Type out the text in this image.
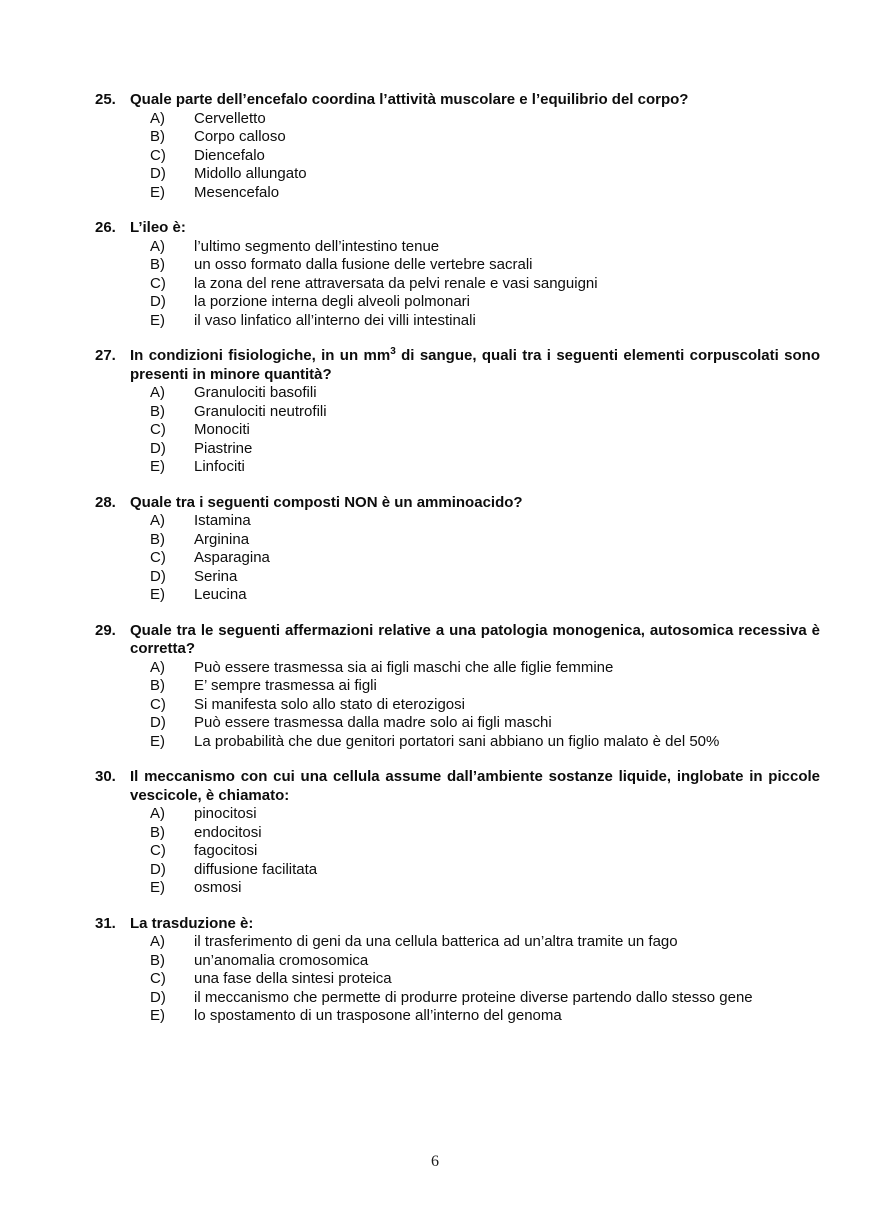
25. Quale parte dell’encefalo coordina l’attività muscolare e l’equilibrio del corpo?
A)	Cervelletto
B)	Corpo calloso
C)	Diencefalo
D)	Midollo allungato
E)	Mesencefalo
26. L’ileo è:
A)	l’ultimo segmento dell’intestino tenue
B)	un osso formato dalla fusione delle vertebre sacrali
C)	la zona del rene attraversata da pelvi renale e vasi sanguigni
D)	la porzione interna degli alveoli polmonari
E)	il vaso linfatico all’interno dei villi intestinali
27. In condizioni fisiologiche, in un $mm^3$ di sangue, quali tra i seguenti elementi corpuscolati sono presenti in minore quantità?
A)	Granulociti basofili
B)	Granulociti neutrofili
C)	Monociti
D)	Piastrine
E)	Linfociti
28. Quale tra i seguenti composti NON è un amminoacido?
A)	Istamina
B)	Arginina
C)	Asparagina
D)	Serina
E)	Leucina
29. Quale tra le seguenti affermazioni relative a una patologia monogenica, autosomica recessiva è corretta?
A)	Può essere trasmessa sia ai figli maschi che alle figlie femmine
B)	E’ sempre trasmessa ai figli
C)	Si manifesta solo allo stato di eterozigosi
D)	Può essere trasmessa dalla madre solo ai figli maschi
E)	La probabilità che due genitori portatori sani abbiano un figlio malato è del 50%
30. Il meccanismo con cui una cellula assume dall’ambiente sostanze liquide, inglobate in piccole vescicole, è chiamato:
A)	pinocitosi
B)	endocitosi
C)	fagocitosi
D)	diffusione facilitata
E)	osmosi
31. La trasduzione è:
A)	il trasferimento di geni da una cellula batterica ad un’altra tramite un fago
B)	un’anomalia cromosomica
C)	una fase della sintesi proteica
D)	il meccanismo che permette di produrre proteine diverse partendo dallo stesso gene
E)	lo spostamento di un trasposone all’interno del genoma
6
